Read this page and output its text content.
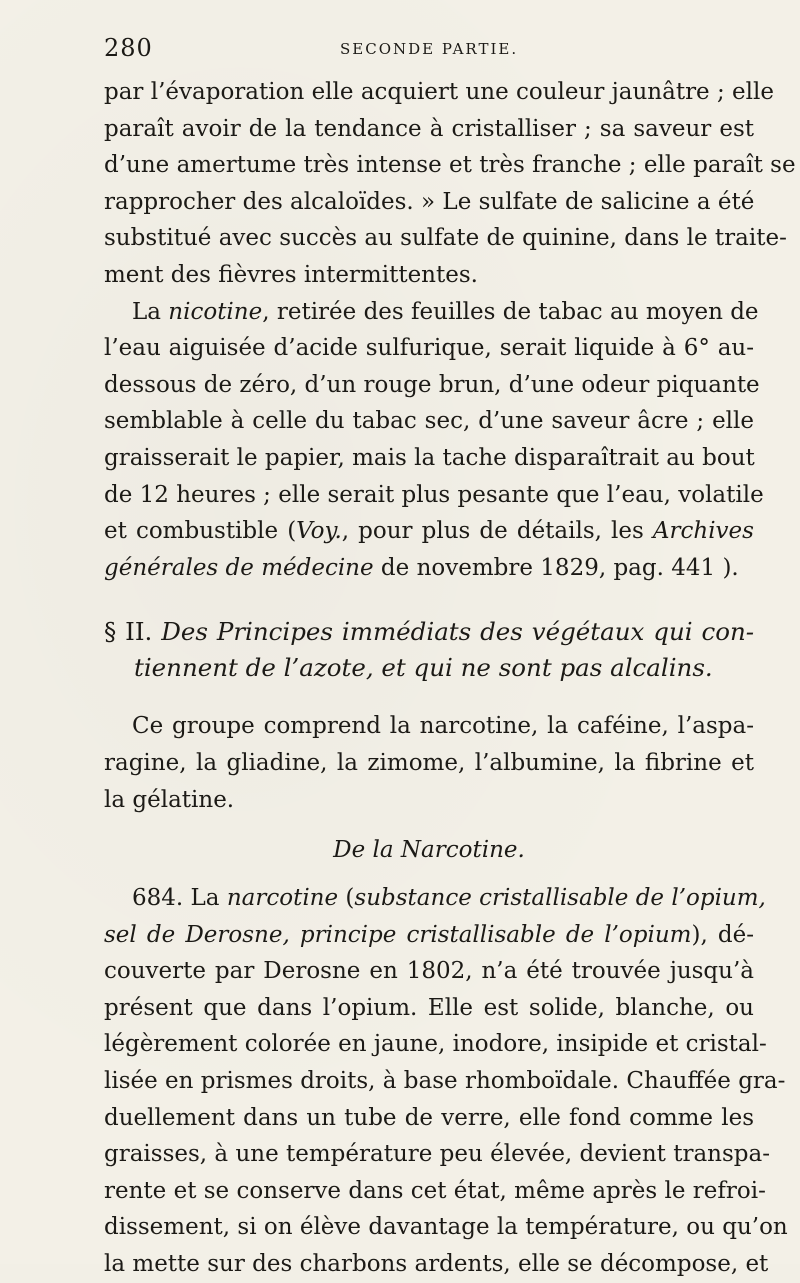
280	SECONDE PARTIE.
par l’évaporation elle acquiert une couleur jaunâtre ; elle
paraît avoir de la tendance à cristalliser ; sa saveur est
d’une amertume très intense et très franche ; elle paraît se
rapprocher des alcaloïdes. » Le sulfate de salicine a été
substitué avec succès au sulfate de quinine, dans le traite-
ment des fièvres intermittentes.
La nicotine, retirée des feuilles de tabac au moyen de
l’eau aiguisée d’acide sulfurique, serait liquide à 6° au-
dessous de zéro, d’un rouge brun, d’une odeur piquante
semblable à celle du tabac sec, d’une saveur âcre ; elle
graisserait le papier, mais la tache disparaîtrait au bout
de 12 heures ; elle serait plus pesante que l’eau, volatile
et combustible (Voy., pour plus de détails, les Archives
générales de médecine de novembre 1829, pag. 441 ).
§ II. Des Principes immédiats des végétaux qui con-
tiennent de l’azote, et qui ne sont pas alcalins.
Ce groupe comprend la narcotine, la caféine, l’aspa-
ragine, la gliadine, la zimome, l’albumine, la fibrine et
la gélatine.
De la Narcotine.
684. La narcotine (substance cristallisable de l’opium,
sel de Derosne, principe cristallisable de l’opium), dé-
couverte par Derosne en 1802, n’a été trouvée jusqu’à
présent que dans l’opium. Elle est solide, blanche, ou
légèrement colorée en jaune, inodore, insipide et cristal-
lisée en prismes droits, à base rhomboïdale. Chauffée gra-
duellement dans un tube de verre, elle fond comme les
graisses, à une température peu élevée, devient transpa-
rente et se conserve dans cet état, même après le refroi-
dissement, si on élève davantage la température, ou qu’on
la mette sur des charbons ardents, elle se décompose, et
